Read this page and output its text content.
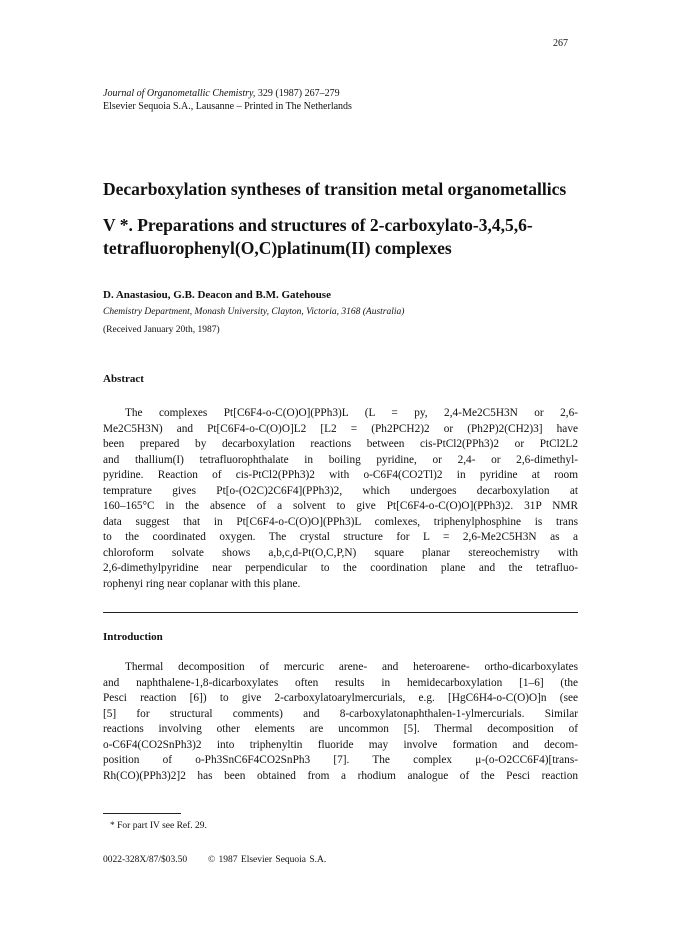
267
Journal of Organometallic Chemistry, 329 (1987) 267–279
Elsevier Sequoia S.A., Lausanne – Printed in The Netherlands
Decarboxylation syntheses of transition metal organometallics
V *. Preparations and structures of 2-carboxylato-3,4,5,6-
tetrafluorophenyl(O,C)platinum(II) complexes
D. Anastasiou, G.B. Deacon and B.M. Gatehouse
Chemistry Department, Monash University, Clayton, Victoria, 3168 (Australia)
(Received January 20th, 1987)
Abstract
The complexes Pt[C6F4-o-C(O)O](PPh3)L (L = py, 2,4-Me2C5H3N or 2,6-
Me2C5H3N) and Pt[C6F4-o-C(O)O]L2 [L2 = (Ph2PCH2)2 or (Ph2P)2(CH2)3] have
been prepared by decarboxylation reactions between cis-PtCl2(PPh3)2 or PtCl2L2
and thallium(I) tetrafluorophthalate in boiling pyridine, or 2,4- or 2,6-dimethyl-
pyridine. Reaction of cis-PtCl2(PPh3)2 with o-C6F4(CO2Tl)2 in pyridine at room
temprature gives Pt[o-(O2C)2C6F4](PPh3)2, which undergoes decarboxylation at
160–165°C in the absence of a solvent to give Pt[C6F4-o-C(O)O](PPh3)2. 31P NMR
data suggest that in Pt[C6F4-o-C(O)O](PPh3)L comlexes, triphenylphosphine is trans
to the coordinated oxygen. The crystal structure for L = 2,6-Me2C5H3N as a
chloroform solvate shows a,b,c,d-Pt(O,C,P,N) square planar stereochemistry with
2,6-dimethylpyridine near perpendicular to the coordination plane and the tetrafluo-
rophenyi ring near coplanar with this plane.
Introduction
Thermal decomposition of mercuric arene- and heteroarene- ortho-dicarboxylates
and naphthalene-1,8-dicarboxylates often results in hemidecarboxylation [1–6] (the
Pesci reaction [6]) to give 2-carboxylatoarylmercurials, e.g. [HgC6H4-o-C(O)O]n (see
[5] for structural comments) and 8-carboxylatonaphthalen-1-ylmercurials. Similar
reactions involving other elements are uncommon [5]. Thermal decomposition of
o-C6F4(CO2SnPh3)2 into triphenyltin fluoride may involve formation and decom-
position of o-Ph3SnC6F4CO2SnPh3 [7]. The complex μ-(o-O2CC6F4)[trans-
Rh(CO)(PPh3)2]2 has been obtained from a rhodium analogue of the Pesci reaction
* For part IV see Ref. 29.
0022-328X/87/$03.50 © 1987 Elsevier Sequoia S.A.
